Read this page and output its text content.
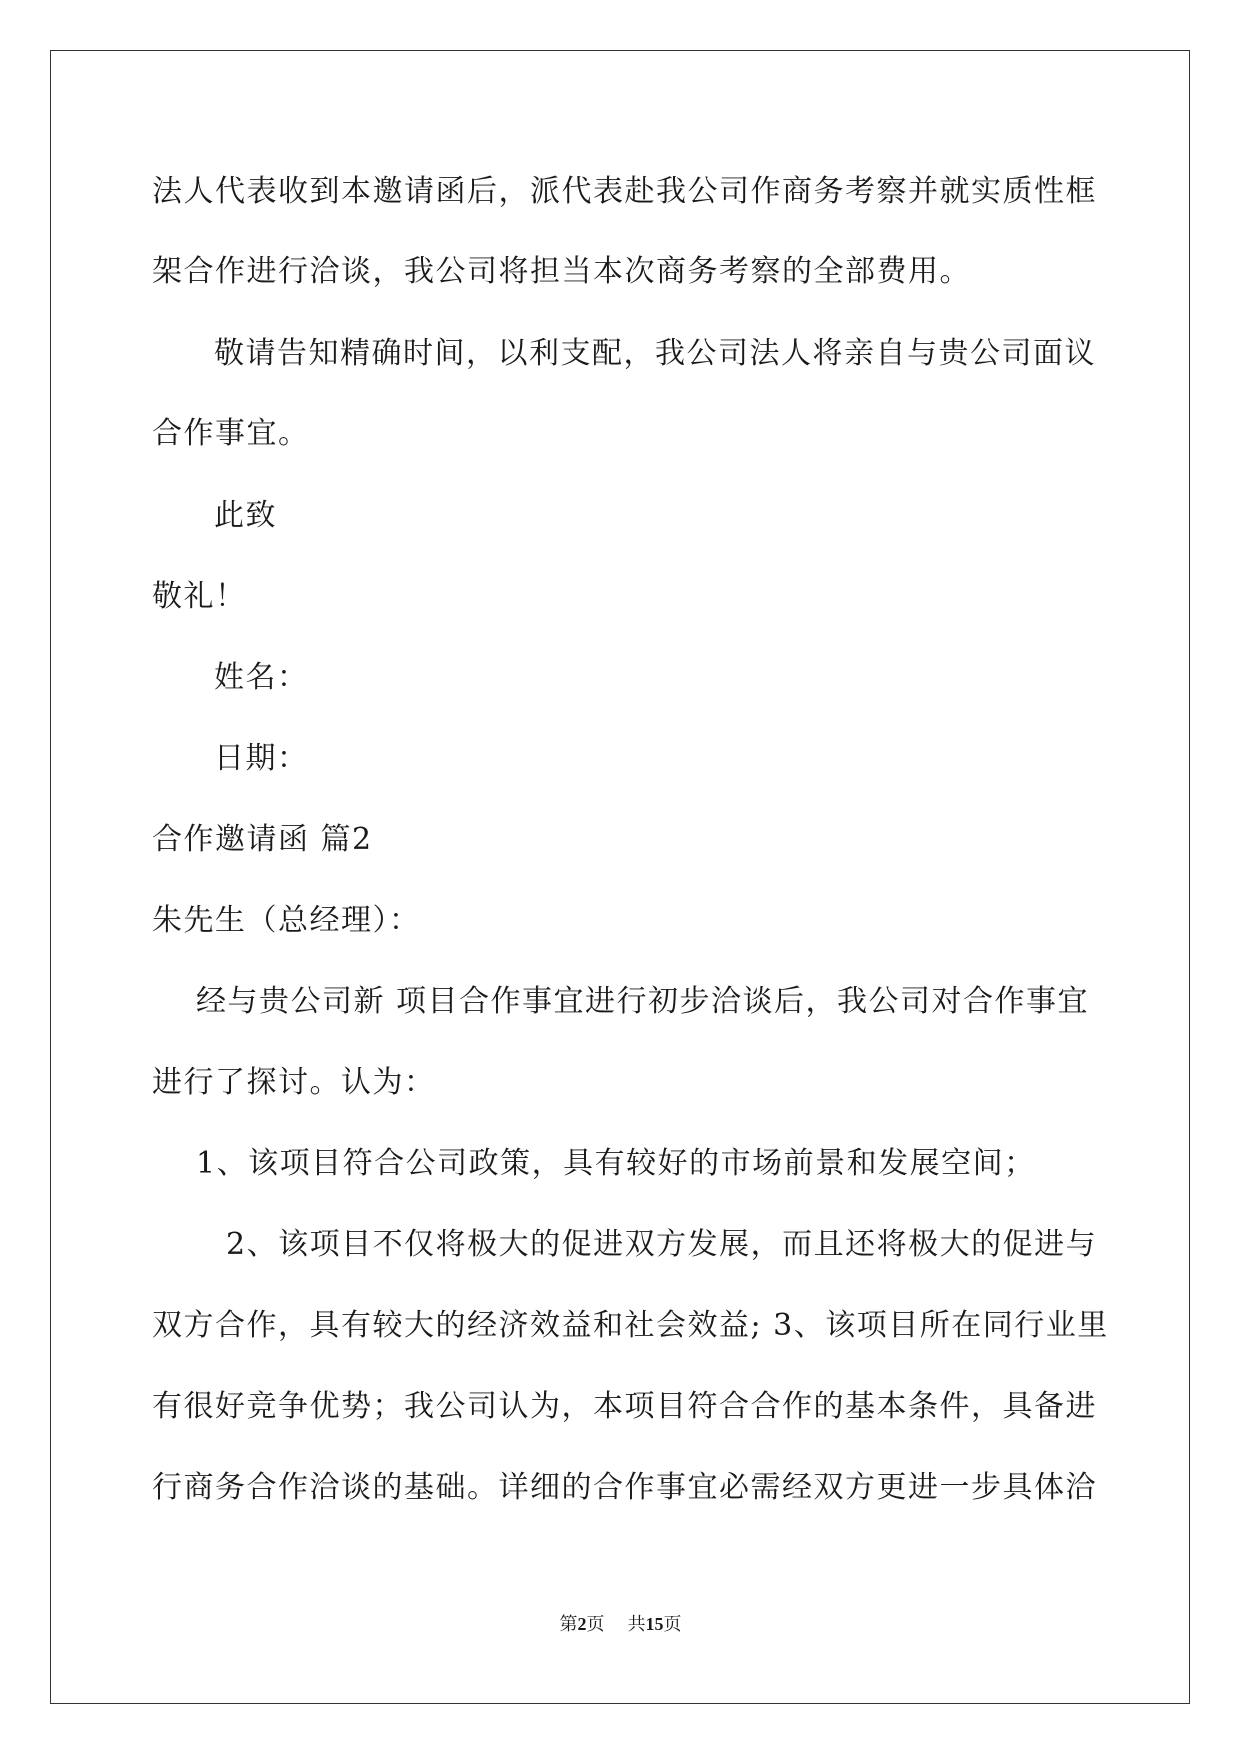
法人代表收到本邀请函后，派代表赴我公司作商务考察并就实质性框
架合作进行洽谈，我公司将担当本次商务考察的全部费用。
敬请告知精确时间，以利支配，我公司法人将亲自与贵公司面议
合作事宜。
此致
敬礼！
姓名：
日期：
合作邀请函 篇2
朱先生（总经理）：
经与贵公司新 项目合作事宜进行初步洽谈后，我公司对合作事宜
进行了探讨。认为：
1、该项目符合公司政策，具有较好的市场前景和发展空间；
2、该项目不仅将极大的促进双方发展，而且还将极大的促进与
双方合作，具有较大的经济效益和社会效益; 3、该项目所在同行业里
有很好竞争优势；我公司认为，本项目符合合作的基本条件，具备进
行商务合作洽谈的基础。详细的合作事宜必需经双方更进一步具体洽
第2页 共15页
